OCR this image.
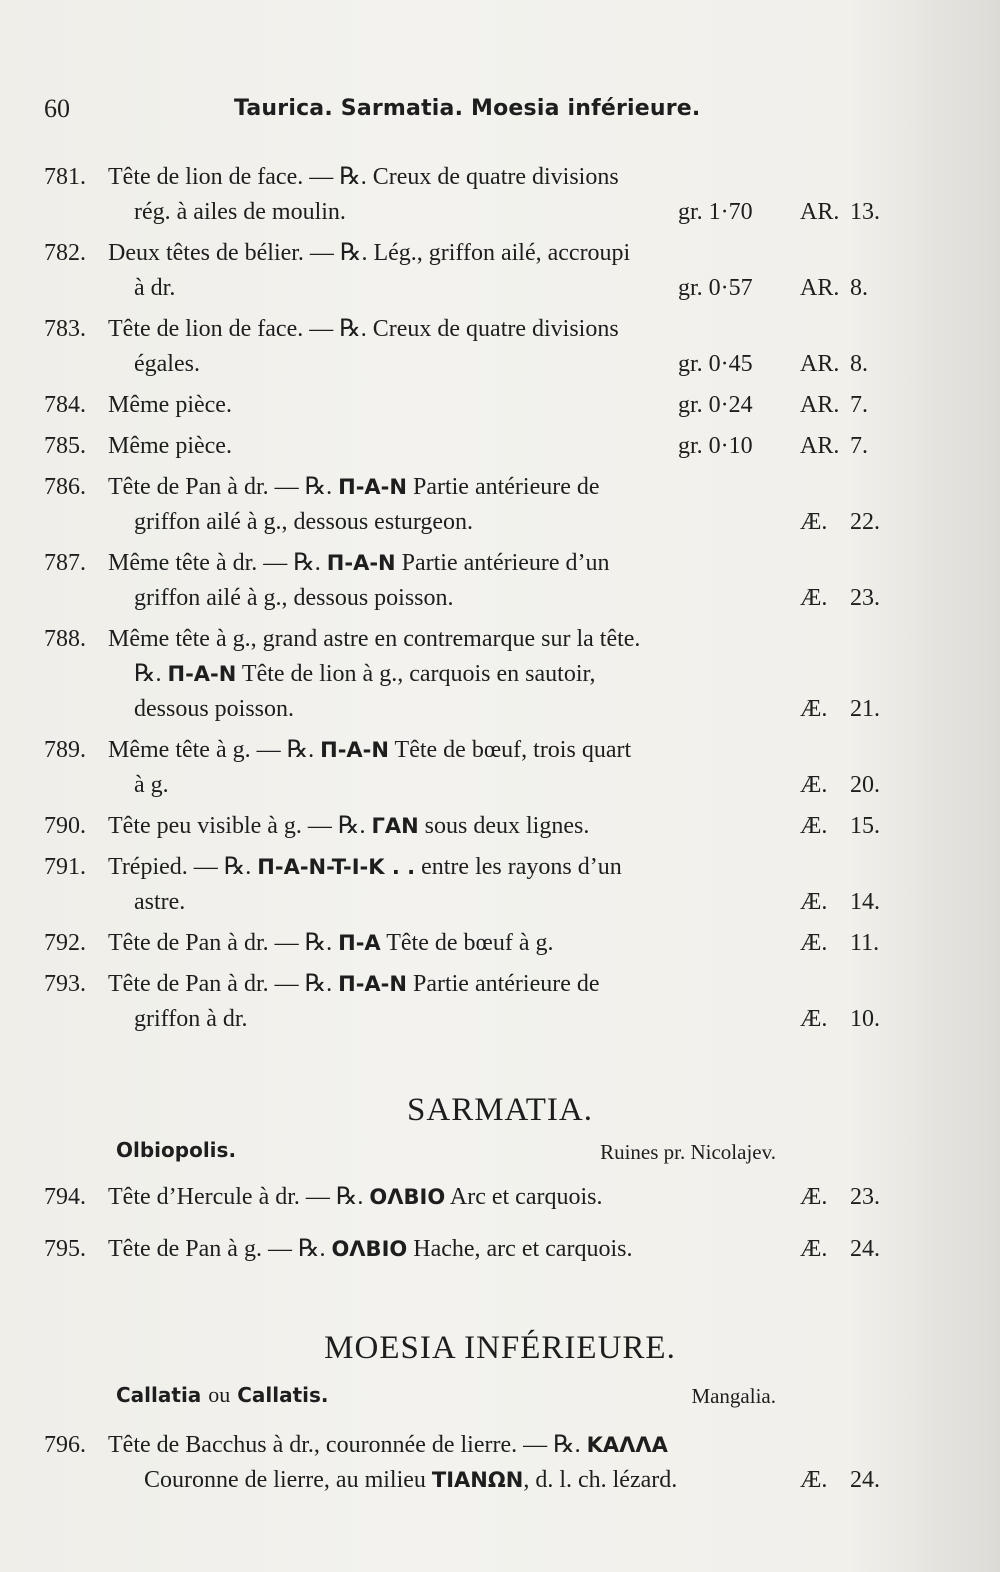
60	Taurica. Sarmatia. Moesia inférieure.
781. Tête de lion de face. — ℞. Creux de quatre divisions
rég. à ailes de moulin.	gr. 1·70 AR. 13.
782. Deux têtes de bélier. — ℞. Lég., griffon ailé, accroupi
à dr.	gr. 0·57 AR. 8.
783. Tête de lion de face. — ℞. Creux de quatre divisions
égales.	gr. 0·45 AR. 8.
784. Même pièce.	gr. 0·24 AR. 7.
785. Même pièce.	gr. 0·10 AR. 7.
786. Tête de Pan à dr. — ℞. Π-A-N Partie antérieure de
griffon ailé à g., dessous esturgeon.	Æ. 22.
787. Même tête à dr. — ℞. Π-A-N Partie antérieure d’un
griffon ailé à g., dessous poisson.	Æ. 23.
788. Même tête à g., grand astre en contremarque sur la tête.
℞. Π-A-N Tête de lion à g., carquois en sautoir,
dessous poisson.	Æ. 21.
789. Même tête à g. — ℞. Π-A-N Tête de bœuf, trois quart
à g.	Æ. 20.
790. Tête peu visible à g. — ℞. ΓAN sous deux lignes.	Æ. 15.
791. Trépied. — ℞. Π-A-N-T-I-K . . entre les rayons d’un
astre.	Æ. 14.
792. Tête de Pan à dr. — ℞. Π-A Tête de bœuf à g.	Æ. 11.
793. Tête de Pan à dr. — ℞. Π-A-N Partie antérieure de
griffon à dr.	Æ. 10.
SARMATIA.
Olbiopolis.	Ruines pr. Nicolajev.
794. Tête d’Hercule à dr. — ℞. OΛBIO Arc et carquois.	Æ. 23.
795. Tête de Pan à g. — ℞. OΛBIO Hache, arc et carquois.	Æ. 24.
MOESIA INFÉRIEURE.
Callatia ou Callatis.	Mangalia.
796. Tête de Bacchus à dr., couronnée de lierre. — ℞. KAΛΛA
Couronne de lierre, au milieu TIANΩN, d. l. ch. lézard.	Æ. 24.
